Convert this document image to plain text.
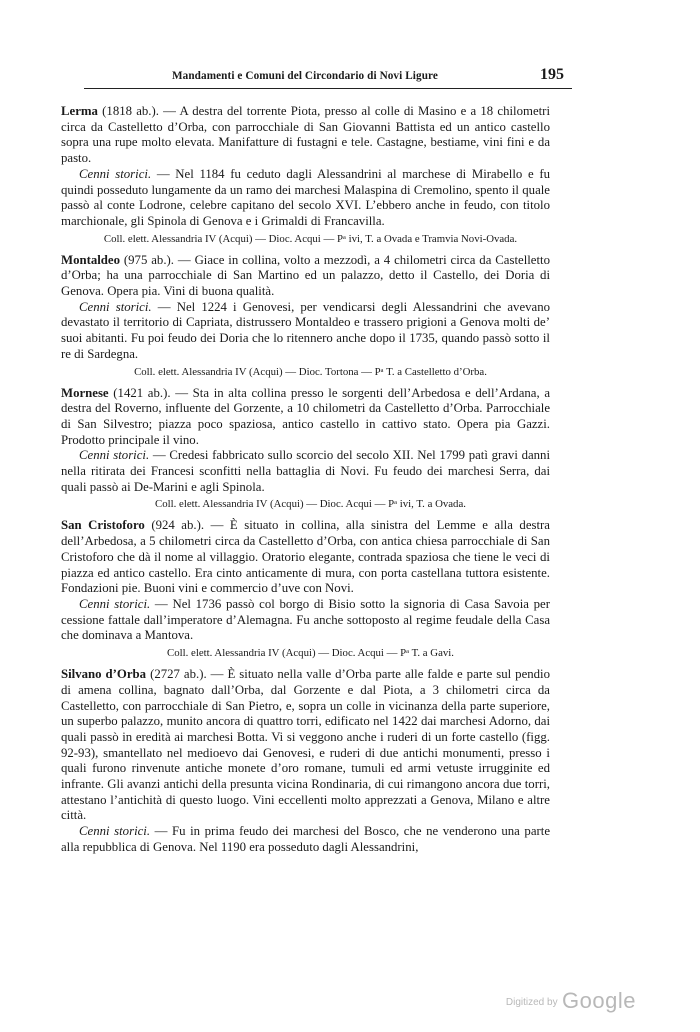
Mandamenti e Comuni del Circondario di Novi Ligure	195

Lerma (1818 ab.). — A destra del torrente Piota, presso al colle di Masino e a 18 chilometri circa da Castelletto d’Orba, con parrocchiale di San Giovanni Battista ed un antico castello sopra una rupe molto elevata. Manifatture di fustagni e tele. Castagne, bestiame, vini fini e da pasto.

Cenni storici. — Nel 1184 fu ceduto dagli Alessandrini al marchese di Mirabello e fu quindi posseduto lungamente da un ramo dei marchesi Malaspina di Cremolino, spento il quale passò al conte Lodrone, celebre capitano del secolo XVI. L’ebbero anche in feudo, con titolo marchionale, gli Spinola di Genova e i Grimaldi di Francavilla.

Coll. elett. Alessandria IV (Acqui) — Dioc. Acqui — Pᵃ ivi, T. a Ovada e Tramvia Novi-Ovada.

Montaldeo (975 ab.). — Giace in collina, volto a mezzodì, a 4 chilometri circa da Castelletto d’Orba; ha una parrocchiale di San Martino ed un palazzo, detto il Castello, dei Doria di Genova. Opera pia. Vini di buona qualità.

Cenni storici. — Nel 1224 i Genovesi, per vendicarsi degli Alessandrini che avevano devastato il territorio di Capriata, distrussero Montaldeo e trassero prigioni a Genova molti de’ suoi abitanti. Fu poi feudo dei Doria che lo ritennero anche dopo il 1735, quando passò sotto il re di Sardegna.

Coll. elett. Alessandria IV (Acqui) — Dioc. Tortona — Pᵃ T. a Castelletto d’Orba.

Mornese (1421 ab.). — Sta in alta collina presso le sorgenti dell’Arbedosa e dell’Ardana, a destra del Roverno, influente del Gorzente, a 10 chilometri da Castelletto d’Orba. Parrocchiale di San Silvestro; piazza poco spaziosa, antico castello in cattivo stato. Opera pia Gazzi. Prodotto principale il vino.

Cenni storici. — Credesi fabbricato sullo scorcio del secolo XII. Nel 1799 patì gravi danni nella ritirata dei Francesi sconfitti nella battaglia di Novi. Fu feudo dei marchesi Serra, dai quali passò ai De-Marini e agli Spinola.

Coll. elett. Alessandria IV (Acqui) — Dioc. Acqui — Pᵃ ivi, T. a Ovada.

San Cristoforo (924 ab.). — È situato in collina, alla sinistra del Lemme e alla destra dell’Arbedosa, a 5 chilometri circa da Castelletto d’Orba, con antica chiesa parrocchiale di San Cristoforo che dà il nome al villaggio. Oratorio elegante, contrada spaziosa che tiene le veci di piazza ed antico castello. Era cinto anticamente di mura, con porta castellana tuttora esistente. Fondazioni pie. Buoni vini e commercio d’uve con Novi.

Cenni storici. — Nel 1736 passò col borgo di Bisio sotto la signoria di Casa Savoia per cessione fattale dall’imperatore d’Alemagna. Fu anche sottoposto al regime feudale della Casa che dominava a Mantova.

Coll. elett. Alessandria IV (Acqui) — Dioc. Acqui — Pᵃ T. a Gavi.

Silvano d’Orba (2727 ab.). — È situato nella valle d’Orba parte alle falde e parte sul pendio di amena collina, bagnato dall’Orba, dal Gorzente e dal Piota, a 3 chilometri circa da Castelletto, con parrocchiale di San Pietro, e, sopra un colle in vicinanza della parte superiore, un superbo palazzo, munito ancora di quattro torri, edificato nel 1422 dai marchesi Adorno, dai quali passò in eredità ai marchesi Botta. Vi si veggono anche i ruderi di un forte castello (figg. 92-93), smantellato nel medioevo dai Genovesi, e ruderi di due antichi monumenti, presso i quali furono rinvenute antiche monete d’oro romane, tumuli ed armi vetuste irrugginite ed infrante. Gli avanzi antichi della presunta vicina Rondinaria, di cui rimangono ancora due torri, attestano l’antichità di questo luogo. Vini eccellenti molto apprezzati a Genova, Milano e altre città.

Cenni storici. — Fu in prima feudo dei marchesi del Bosco, che ne venderono una parte alla repubblica di Genova. Nel 1190 era posseduto dagli Alessandrini,

Digitized by Google
